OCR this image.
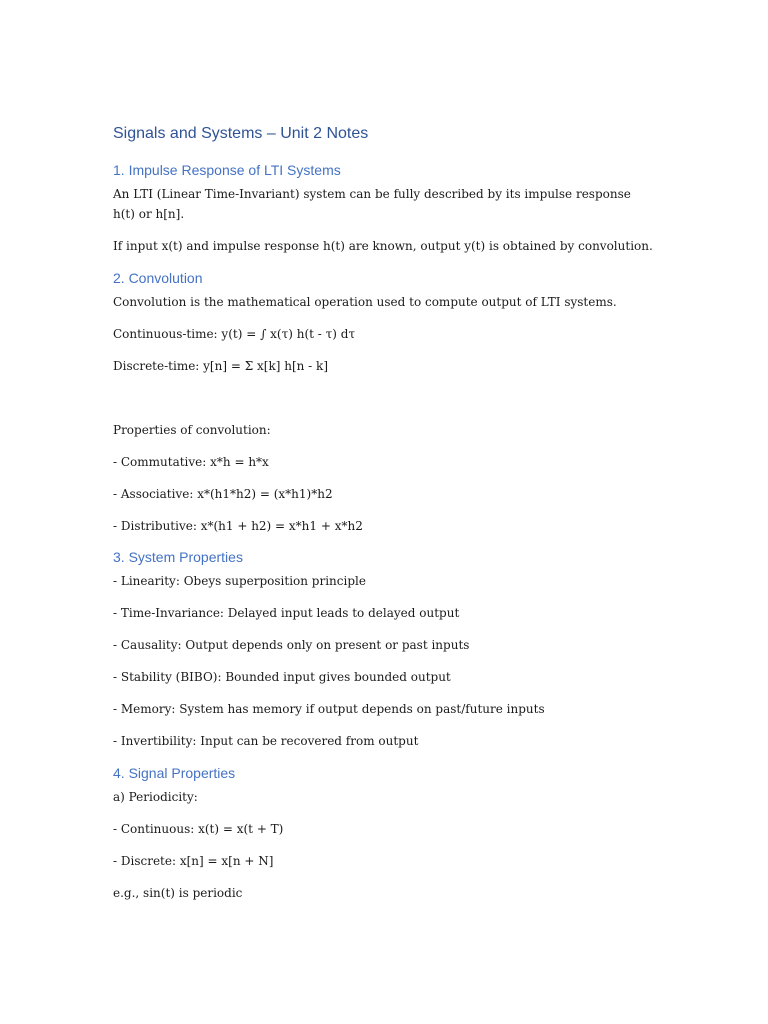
Signals and Systems – Unit 2 Notes
1. Impulse Response of LTI Systems

An LTI (Linear Time-Invariant) system can be fully described by its impulse response h(t) or h[n].

If input x(t) and impulse response h(t) are known, output y(t) is obtained by convolution.

2. Convolution

Convolution is the mathematical operation used to compute output of LTI systems.

Continuous-time: y(t) = ∫ x(τ) h(t - τ) dτ

Discrete-time: y[n] = Σ x[k] h[n - k]

Properties of convolution:

- Commutative: x*h = h*x

- Associative: x*(h1*h2) = (x*h1)*h2

- Distributive: x*(h1 + h2) = x*h1 + x*h2

3. System Properties

- Linearity: Obeys superposition principle

- Time-Invariance: Delayed input leads to delayed output

- Causality: Output depends only on present or past inputs

- Stability (BIBO): Bounded input gives bounded output

- Memory: System has memory if output depends on past/future inputs

- Invertibility: Input can be recovered from output

4. Signal Properties

a) Periodicity:

- Continuous: x(t) = x(t + T)

- Discrete: x[n] = x[n + N]

e.g., sin(t) is periodic
